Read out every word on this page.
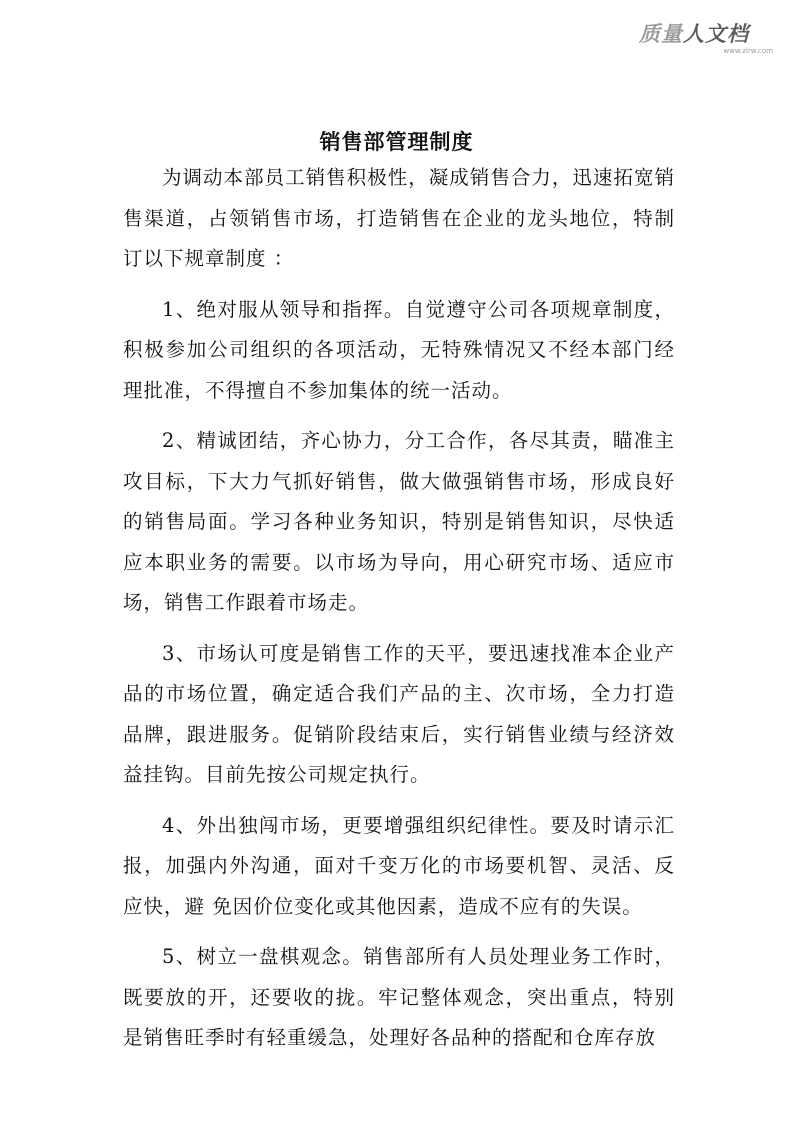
质量 人文档
www.zlrw.com
销售部管理制度

为调动本部员工销售积极性，凝成销售合力，迅速拓宽销售渠道，占领销售市场，打造销售在企业的龙头地位，特制订以下规章制度 ：

1、绝对服从领导和指挥。自觉遵守公司各项规章制度，积极参加公司组织的各项活动，无特殊情况又不经本部门经理批准，不得擅自不参加集体的统一活动。

2、精诚团结，齐心协力，分工合作，各尽其责，瞄准主攻目标，下大力气抓好销售，做大做强销售市场，形成良好的销售局面。学习各种业务知识，特别是销售知识，尽快适应本职业务的需要。以市场为导向，用心研究市场、适应市场，销售工作跟着市场走。

3、市场认可度是销售工作的天平，要迅速找准本企业产品的市场位置，确定适合我们产品的主、次市场，全力打造品牌，跟进服务。促销阶段结束后，实行销售业绩与经济效益挂钩。目前先按公司规定执行。

4、外出独闯市场，更要增强组织纪律性。要及时请示汇报，加强内外沟通，面对千变万化的市场要机智、灵活、反应快，避 免因价位变化或其他因素，造成不应有的失误。

5、树立一盘棋观念。销售部所有人员处理业务工作时，既要放的开，还要收的拢。牢记整体观念，突出重点，特别是销售旺季时有轻重缓急，处理好各品种的搭配和仓库存放
